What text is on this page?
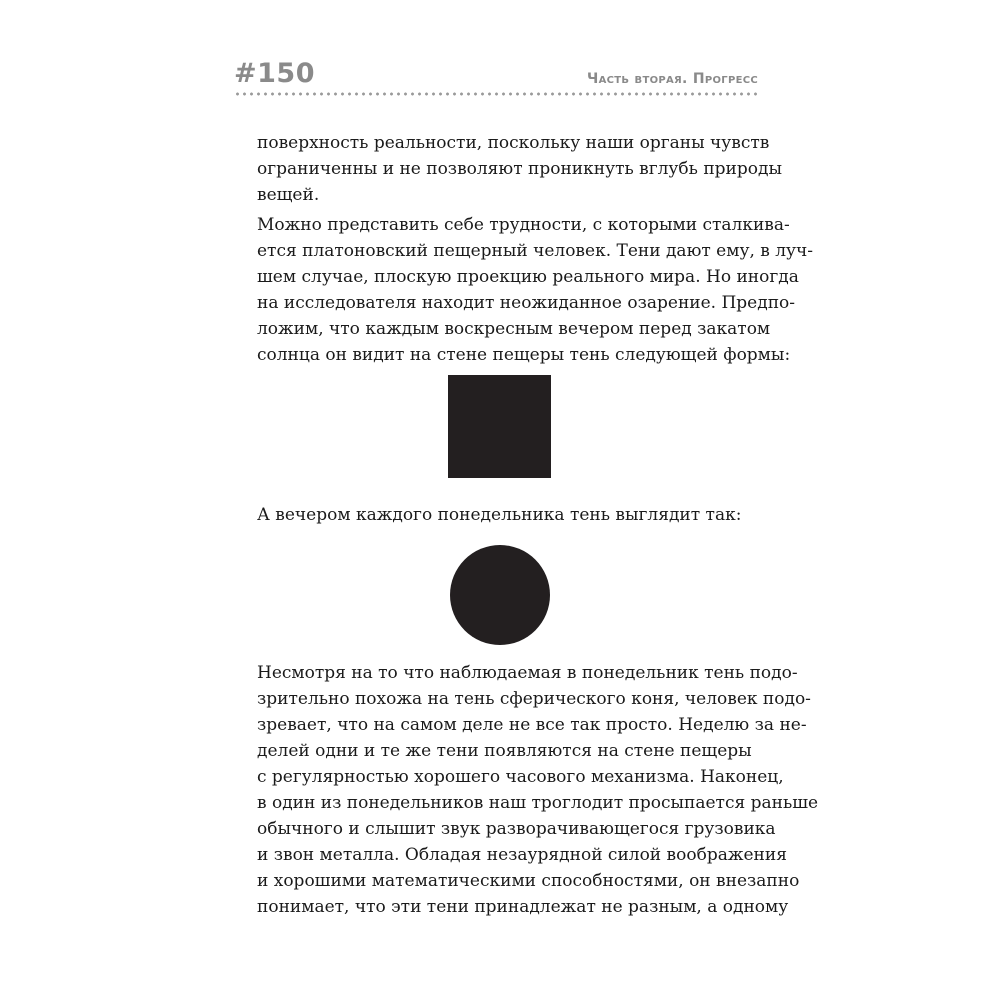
#150	Часть вторая. Прогресс

поверхность реальности, поскольку наши органы чувств
ограниченны и не позволяют проникнуть вглубь природы
вещей.

Можно представить себе трудности, с которыми сталкива-
ется платоновский пещерный человек. Тени дают ему, в луч-
шем случае, плоскую проекцию реального мира. Но иногда
на исследователя находит неожиданное озарение. Предпо-
ложим, что каждым воскресным вечером перед закатом
солнца он видит на стене пещеры тень следующей формы:

А вечером каждого понедельника тень выглядит так:

Несмотря на то что наблюдаемая в понедельник тень подо-
зрительно похожа на тень сферического коня, человек подо-
зревает, что на самом деле не все так просто. Неделю за не-
делей одни и те же тени появляются на стене пещеры
с регулярностью хорошего часового механизма. Наконец,
в один из понедельников наш троглодит просыпается раньше
обычного и слышит звук разворачивающегося грузовика
и звон металла. Обладая незаурядной силой воображения
и хорошими математическими способностями, он внезапно
понимает, что эти тени принадлежат не разным, а одному
